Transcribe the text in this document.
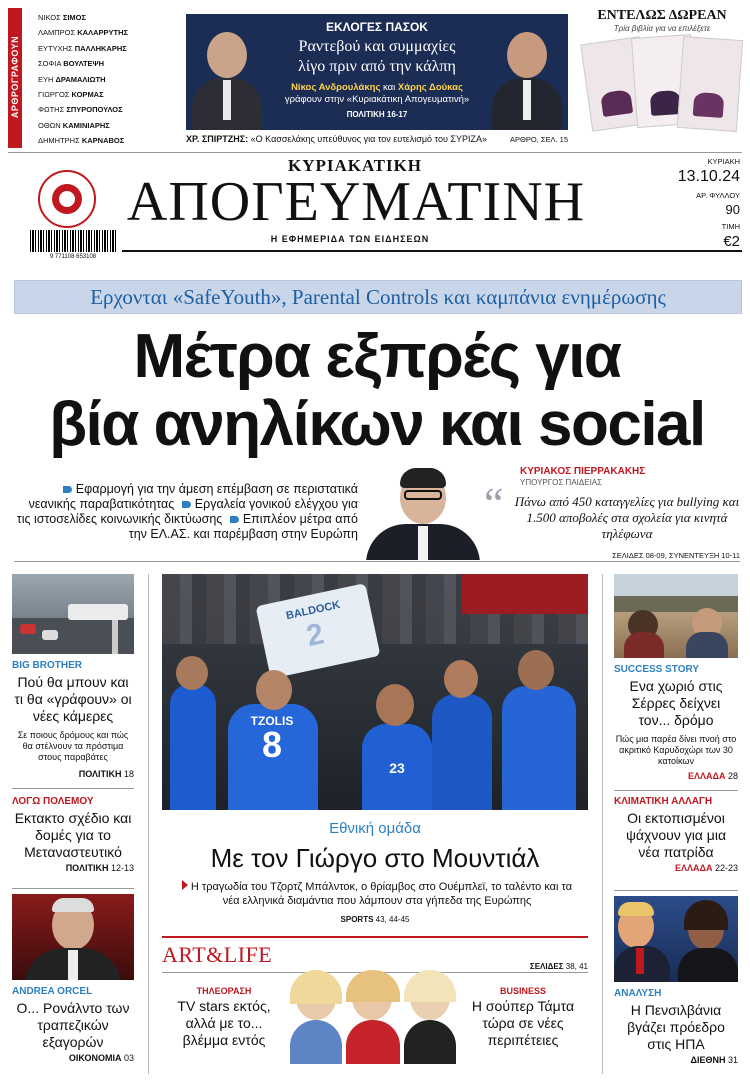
ΑΡΘΡΟΓΡΑΦΟΥΝ
ΝΙΚΟΣ ΣΙΜΟΣ
ΛΑΜΠΡΟΣ ΚΑΛΑΡΡΥΤΗΣ
ΕΥΤΥΧΗΣ ΠΑΛΛΗΚΑΡΗΣ
ΣΟΦΙΑ ΒΟΥΛΤΕΨΗ
ΕΥΗ ΔΡΑΜΑΛΙΩΤΗ
ΓΙΩΡΓΟΣ ΚΟΡΜΑΣ
ΦΩΤΗΣ ΣΠΥΡΟΠΟΥΛΟΣ
ΟΘΩΝ ΚΑΜΙΝΙΑΡΗΣ
ΔΗΜΗΤΡΗΣ ΚΑΡΝΑΒΟΣ
ΕΚΛΟΓΕΣ ΠΑΣΟΚ
Ραντεβού και συμμαχίες
λίγο πριν από την κάλπη
Νίκος Ανδρουλάκης και Χάρης Δούκας
γράφουν στην «Κυριακάτικη Απογευματινή»
ΠΟΛΙΤΙΚΗ 16-17
ΧΡ. ΣΠΙΡΤΖΗΣ: «Ο Κασσελάκης υπεύθυνος για τον ευτελισμό του ΣΥΡΙΖΑ»	ΑΡΘΡΟ, ΣΕΛ. 15
ΕΝΤΕΛΩΣ ΔΩΡΕΑΝ
Τρία βιβλία για να επιλέξετε
ΚΥΡΙΑΚΑΤΙΚΗ
ΑΠΟΓΕΥΜΑΤΙΝΗ
Η ΕΦΗΜΕΡΙΔΑ ΤΩΝ ΕΙΔΗΣΕΩΝ
ΚΥΡΙΑΚΗ
13.10.24
ΑΡ. ΦΥΛΛΟΥ
90
ΤΙΜΗ
€2
9 771108 653108
Ερχονται «SafeYouth», Parental Controls και καμπάνια ενημέρωσης
Μέτρα εξπρές για
βία ανηλίκων και social
Εφαρμογή για την άμεση επέμβαση σε περιστατικά νεανικής παραβατικότητας Εργαλεία γονικού ελέγχου για τις ιστοσελίδες κοινωνικής δικτύωσης Επιπλέον μέτρα από την ΕΛ.ΑΣ. και παρέμβαση στην Ευρώπη
ΚΥΡΙΑΚΟΣ ΠΙΕΡΡΑΚΑΚΗΣ
ΥΠΟΥΡΓΟΣ ΠΑΙΔΕΙΑΣ
“ Πάνω από 450 καταγγελίες για bullying και 1.500 αποβολές στα σχολεία για κινητά τηλέφωνα
ΣΕΛΙΔΕΣ 08-09, ΣΥΝΕΝΤΕΥΞΗ 10-11
BIG BROTHER
Πού θα μπουν και τι θα «γράφουν» οι νέες κάμερες
Σε ποιους δρόμους και πώς θα στέλνουν τα πρόστιμα στους παραβάτες
ΠΟΛΙΤΙΚΗ 18
ΛΟΓΩ ΠΟΛΕΜΟΥ
Εκτακτο σχέδιο και δομές για το Μεταναστευτικό
ΠΟΛΙΤΙΚΗ 12-13
ANDREA ORCEL
Ο... Ρονάλντο των τραπεζικών εξαγορών
ΟΙΚΟΝΟΜΙΑ 03
BALDOCK
2
TZOLIS
8
23
Εθνική ομάδα
Με τον Γιώργο στο Μουντιάλ
Η τραγωδία του Τζορτζ Μπάλντοκ, ο θρίαμβος στο Ουέμπλεϊ, το ταλέντο και τα νέα ελληνικά διαμάντια που λάμπουν στα γήπεδα της Ευρώπης
SPORTS 43, 44-45
ART&LIFE	ΣΕΛΙΔΕΣ 38, 41
ΤΗΛΕΟΡΑΣΗ
TV stars εκτός, αλλά με το... βλέμμα εντός
BUSINESS
Η σούπερ Τάμτα τώρα σε νέες περιπέτειες
SUCCESS STORY
Ενα χωριό στις Σέρρες δείχνει τον... δρόμο
Πώς μια παρέα δίνει πνοή στο ακριτικό Καρυδοχώρι των 30 κατοίκων
ΕΛΛΑΔΑ 28
ΚΛΙΜΑΤΙΚΗ ΑΛΛΑΓΗ
Οι εκτοπισμένοι ψάχνουν για μια νέα πατρίδα
ΕΛΛΑΔΑ 22-23
ΑΝΑΛΥΣΗ
Η Πενσιλβάνια βγάζει πρόεδρο στις ΗΠΑ
ΔΙΕΘΝΗ 31
